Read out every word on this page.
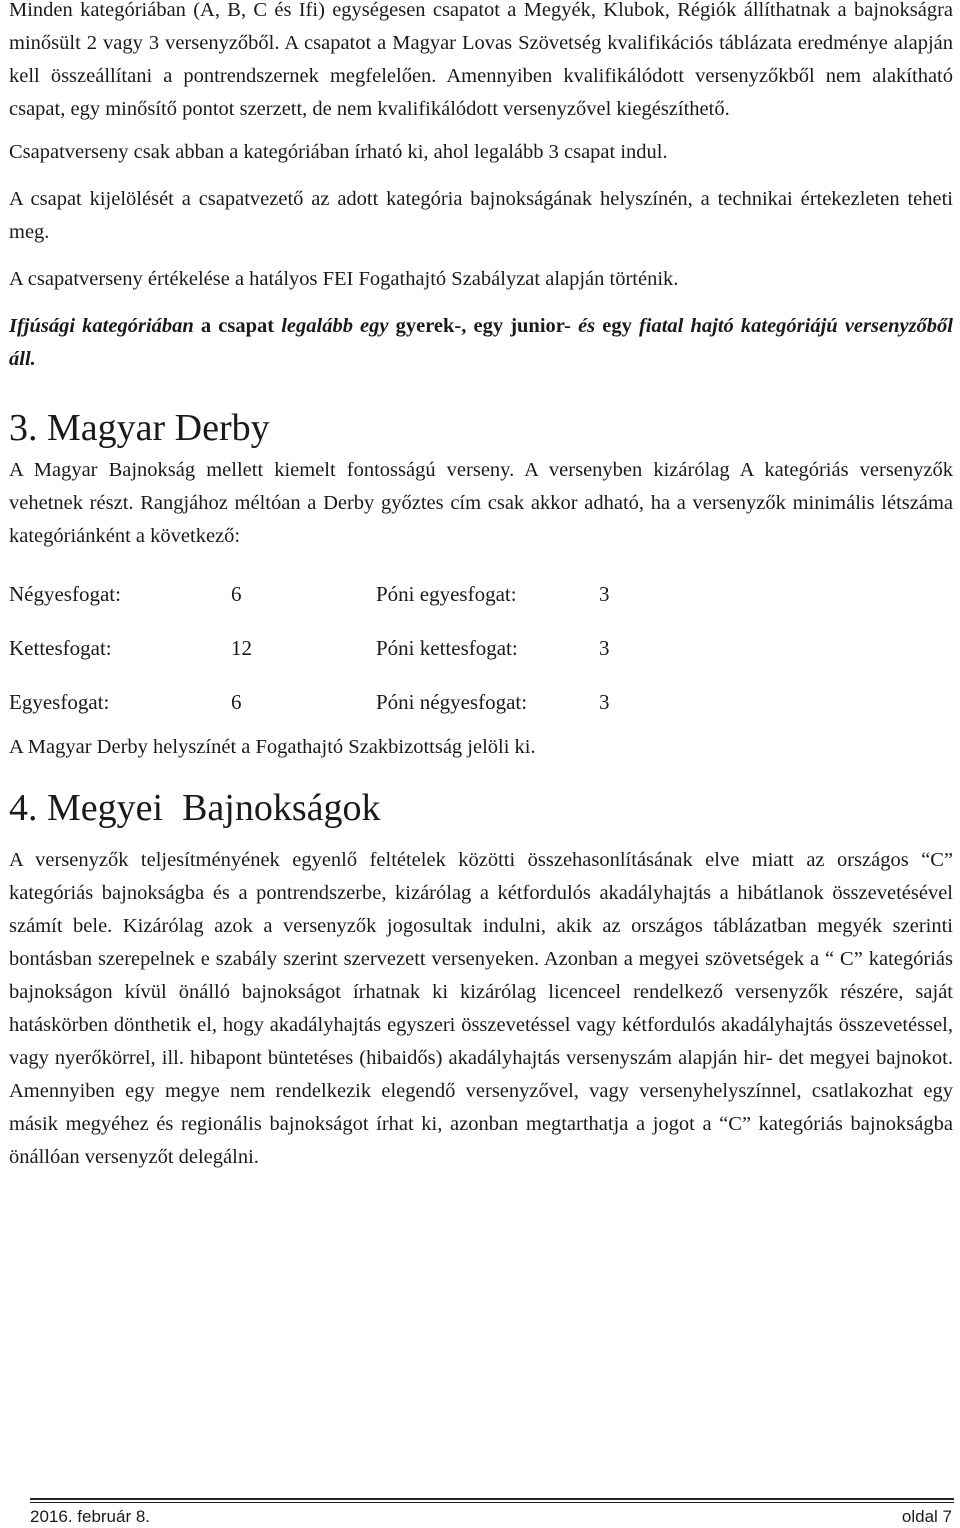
Minden kategóriában (A, B, C és Ifi) egységesen csapatot a Megyék, Klubok, Régiók állíthatnak a bajnokságra minősült 2 vagy 3 versenyzőből. A csapatot a Magyar Lovas Szövetség kvalifikációs táblázata eredménye alapján kell összeállítani a pontrendszernek megfelelően. Amennyiben kvalifikálódott versenyzőkből nem alakítható csapat, egy minősítő pontot szerzett, de nem kvalifikálódott versenyzővel kiegészíthető.

Csapatverseny csak abban a kategóriában írható ki, ahol legalább 3 csapat indul.

A csapat kijelölését a csapatvezető az adott kategória bajnokságának helyszínén, a technikai értekezleten teheti meg.

A csapatverseny értékelése a hatályos FEI Fogathajtó Szabályzat alapján történik.

Ifjúsági kategóriában a csapat legalább egy gyerek-, egy junior- és egy fiatal hajtó kategóriájú versenyzőből áll.

3. Magyar Derby

A Magyar Bajnokság mellett kiemelt fontosságú verseny. A versenyben kizárólag A kategóriás versenyzők vehetnek részt. Rangjához méltóan a Derby győztes cím csak akkor adható, ha a versenyzők minimális létszáma kategóriánként a következő:

Négyesfogat:	6	Póni egyesfogat:	3
Kettesfogat:	12	Póni kettesfogat:	3
Egyesfogat:	6	Póni négyesfogat:	3

A Magyar Derby helyszínét a Fogathajtó Szakbizottság jelöli ki.

4. Megyei  Bajnokságok

A versenyzők teljesítményének egyenlő feltételek közötti összehasonlításának elve miatt az országos “C” kategóriás bajnokságba és a pontrendszerbe, kizárólag a kétfordulós akadályhajtás a hibátlanok összevetésével számít bele. Kizárólag azok a versenyzők jogosultak indulni, akik az országos táblázatban megyék szerinti bontásban szerepelnek e szabály szerint szervezett versenyeken. Azonban a megyei szövetségek a “ C” kategóriás bajnokságon kívül önálló bajnokságot írhatnak ki kizárólag licenceel rendelkező versenyzők részére, saját hatáskörben dönthetik el, hogy akadályhajtás egyszeri összevetéssel vagy kétfordulós akadályhajtás összevetéssel, vagy nyerőkörrel, ill. hibapont büntetéses (hibaidős) akadályhajtás versenyszám alapján hir- det megyei bajnokot. Amennyiben egy megye nem rendelkezik elegendő versenyzővel, vagy versenyhelyszínnel, csatlakozhat egy másik megyéhez és regionális bajnokságot írhat ki, azonban megtarthatja a jogot a “C” kategóriás bajnokságba önállóan versenyzőt delegálni.

2016. február 8.	oldal 7
